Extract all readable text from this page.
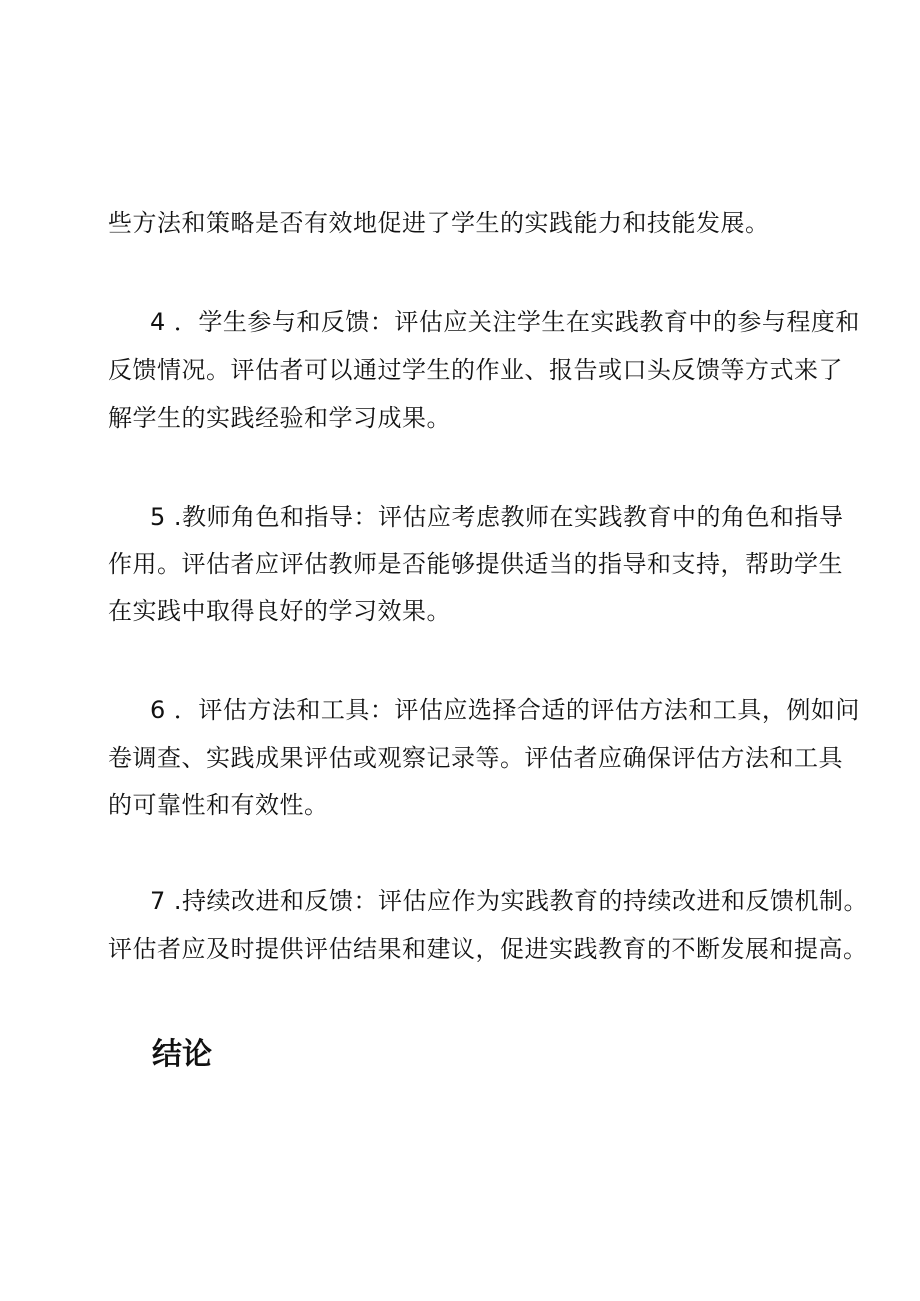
些方法和策略是否有效地促进了学生的实践能力和技能发展。

4 ．学生参与和反馈：评估应关注学生在实践教育中的参与程度和

反馈情况。评估者可以通过学生的作业、报告或口头反馈等方式来了

解学生的实践经验和学习成果。

5 .教师角色和指导：评估应考虑教师在实践教育中的角色和指导

作用。评估者应评估教师是否能够提供适当的指导和支持，帮助学生

在实践中取得良好的学习效果。

6 ．评估方法和工具：评估应选择合适的评估方法和工具，例如问

卷调查、实践成果评估或观察记录等。评估者应确保评估方法和工具

的可靠性和有效性。

7 .持续改进和反馈：评估应作为实践教育的持续改进和反馈机制。

评估者应及时提供评估结果和建议，促进实践教育的不断发展和提高。

结论
